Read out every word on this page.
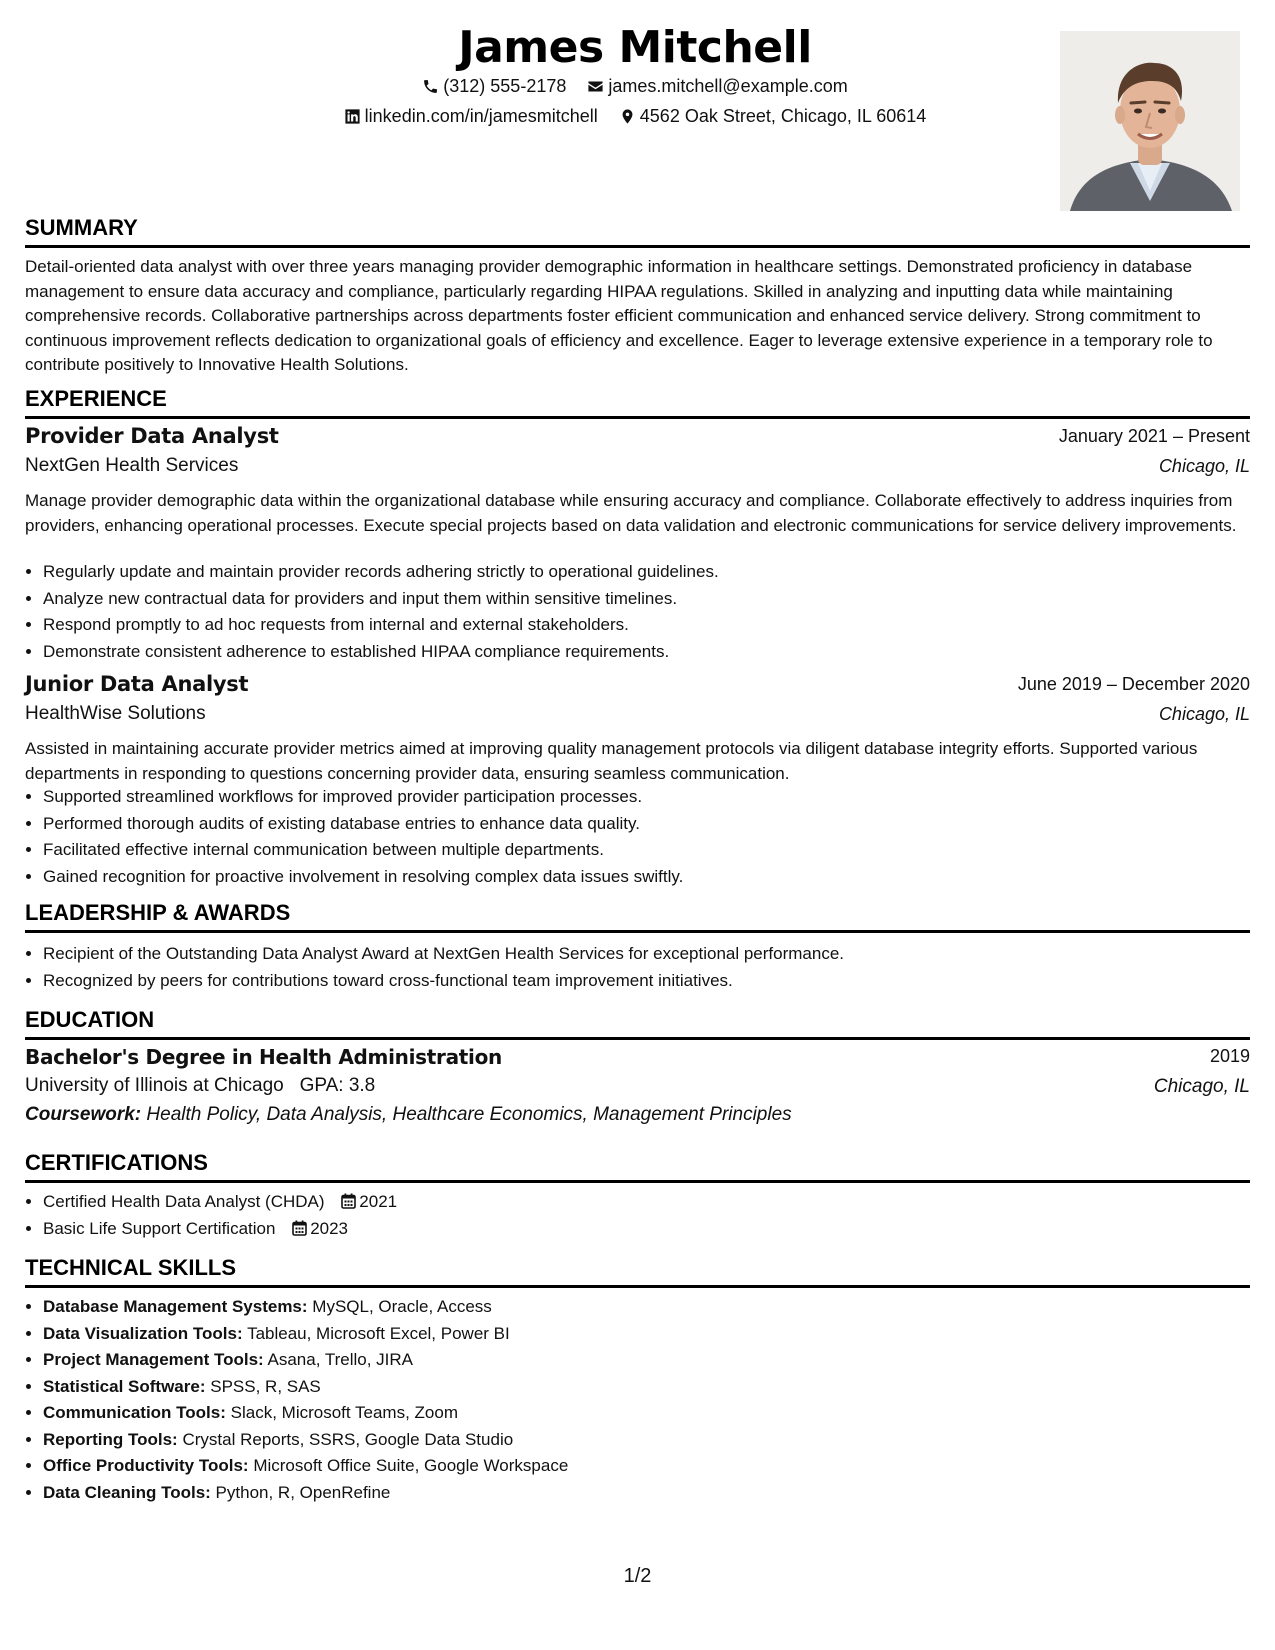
James Mitchell
(312) 555-2178
james.mitchell@example.com
linkedin.com/in/jamesmitchell
4562 Oak Street, Chicago, IL 60614
SUMMARY
Detail-oriented data analyst with over three years managing provider demographic information in healthcare settings. Demonstrated proficiency in database management to ensure data accuracy and compliance, particularly regarding HIPAA regulations. Skilled in analyzing and inputting data while maintaining comprehensive records. Collaborative partnerships across departments foster efficient communication and enhanced service delivery. Strong commitment to continuous improvement reflects dedication to organizational goals of efficiency and excellence. Eager to leverage extensive experience in a temporary role to contribute positively to Innovative Health Solutions.
EXPERIENCE
Provider Data Analyst	January 2021 – Present
NextGen Health Services	Chicago, IL
Manage provider demographic data within the organizational database while ensuring accuracy and compliance. Collaborate effectively to address inquiries from providers, enhancing operational processes. Execute special projects based on data validation and electronic communications for service delivery improvements.
• Regularly update and maintain provider records adhering strictly to operational guidelines.
• Analyze new contractual data for providers and input them within sensitive timelines.
• Respond promptly to ad hoc requests from internal and external stakeholders.
• Demonstrate consistent adherence to established HIPAA compliance requirements.
Junior Data Analyst	June 2019 – December 2020
HealthWise Solutions	Chicago, IL
Assisted in maintaining accurate provider metrics aimed at improving quality management protocols via diligent database integrity efforts. Supported various departments in responding to questions concerning provider data, ensuring seamless communication.
• Supported streamlined workflows for improved provider participation processes.
• Performed thorough audits of existing database entries to enhance data quality.
• Facilitated effective internal communication between multiple departments.
• Gained recognition for proactive involvement in resolving complex data issues swiftly.
LEADERSHIP & AWARDS
• Recipient of the Outstanding Data Analyst Award at NextGen Health Services for exceptional performance.
• Recognized by peers for contributions toward cross-functional team improvement initiatives.
EDUCATION
Bachelor's Degree in Health Administration	2019
University of Illinois at Chicago GPA: 3.8	Chicago, IL
Coursework: Health Policy, Data Analysis, Healthcare Economics, Management Principles
CERTIFICATIONS
• Certified Health Data Analyst (CHDA) 2021
• Basic Life Support Certification 2023
TECHNICAL SKILLS
• Database Management Systems: MySQL, Oracle, Access
• Data Visualization Tools: Tableau, Microsoft Excel, Power BI
• Project Management Tools: Asana, Trello, JIRA
• Statistical Software: SPSS, R, SAS
• Communication Tools: Slack, Microsoft Teams, Zoom
• Reporting Tools: Crystal Reports, SSRS, Google Data Studio
• Office Productivity Tools: Microsoft Office Suite, Google Workspace
• Data Cleaning Tools: Python, R, OpenRefine
1/2
